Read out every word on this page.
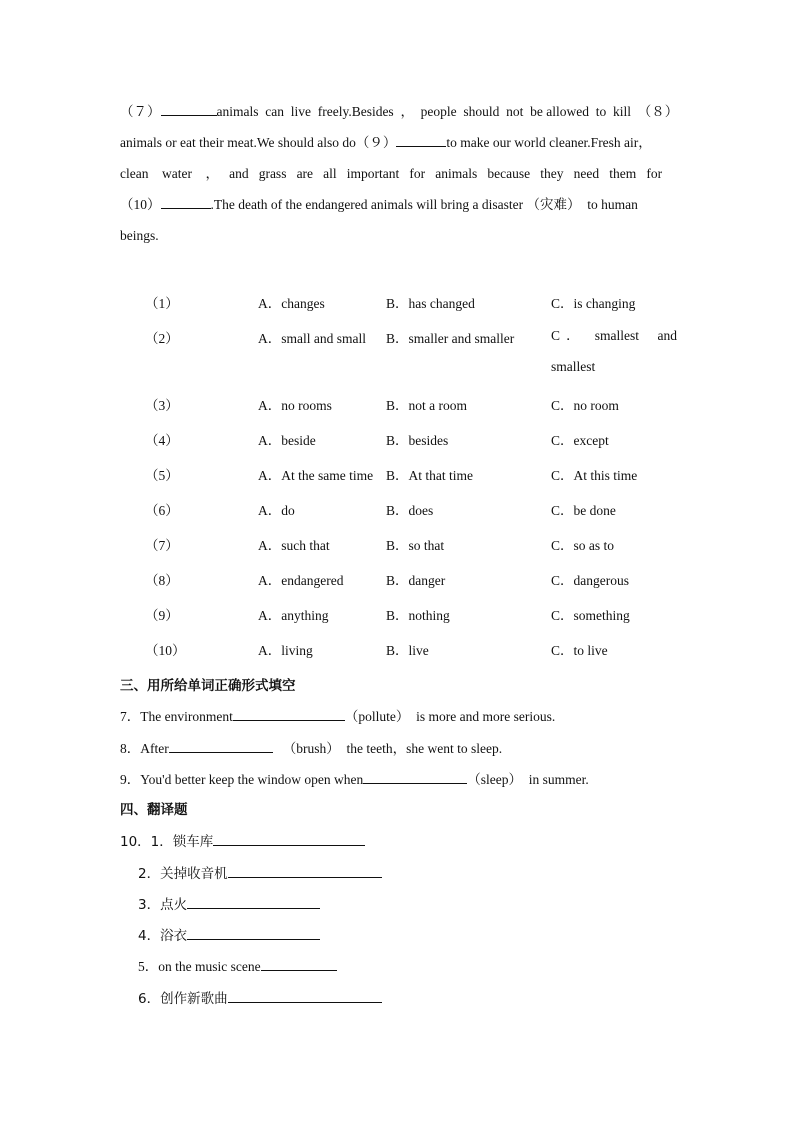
（７）	animals  can  live  freely.Besides  ，  people  should  not  be allowed  to  kill  （８）
animals or eat their meat.We should also do（９）	to make our world cleaner.Fresh air，
clean    water    ，   and   grass   are   all   important   for   animals   because   they   need   them   for
（10）	.The death of the endangered animals will bring a disaster （灾难）  to human
beings.
（1）	A．changes	B．has changed	C．is changing
（2）	A．small and small B．smaller and smaller	C ．  smallest   and
smallest
（3）	A．no rooms	B．not a room	C．no room
（4）	A．beside	B．besides	C．except
（5）	A．At the same time B．At that time	C．At this time
（6）	A．do	B．does	C．be done
（7）	A．such that	B．so that	C．so as to
（8）	A．endangered	B．danger	C．dangerous
（9）	A．anything	B．nothing	C．something
（10）	A．living	B．live	C．to live
三、用所给单词正确形式填空
7．The environment	（pollute）  is more and more serious.
8．After	（brush）  the teeth，she went to sleep.
9．You'd better keep the window open when	（sleep）  in summer.
四、翻译题
10．1．锁车库
2．关掉收音机
3．点火
4．浴衣
5．on the music scene
6．创作新歌曲
